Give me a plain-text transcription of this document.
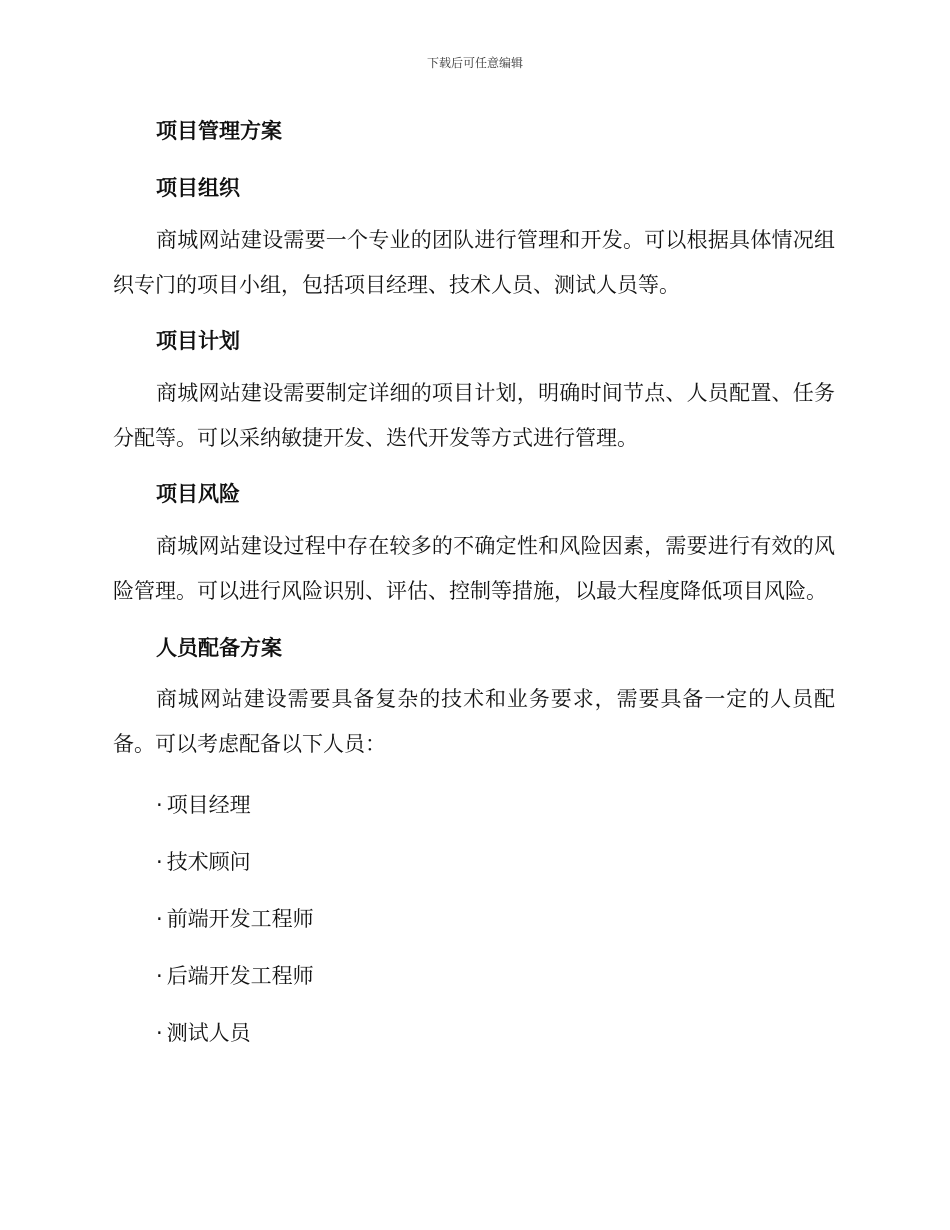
下载后可任意编辑

项目管理方案

项目组织

商城网站建设需要一个专业的团队进行管理和开发。可以根据具体情况组织专门的项目小组，包括项目经理、技术人员、测试人员等。

项目计划

商城网站建设需要制定详细的项目计划，明确时间节点、人员配置、任务分配等。可以采纳敏捷开发、迭代开发等方式进行管理。

项目风险

商城网站建设过程中存在较多的不确定性和风险因素，需要进行有效的风险管理。可以进行风险识别、评估、控制等措施，以最大程度降低项目风险。

人员配备方案

商城网站建设需要具备复杂的技术和业务要求，需要具备一定的人员配备。可以考虑配备以下人员：

· 项目经理

· 技术顾问

· 前端开发工程师

· 后端开发工程师

· 测试人员
